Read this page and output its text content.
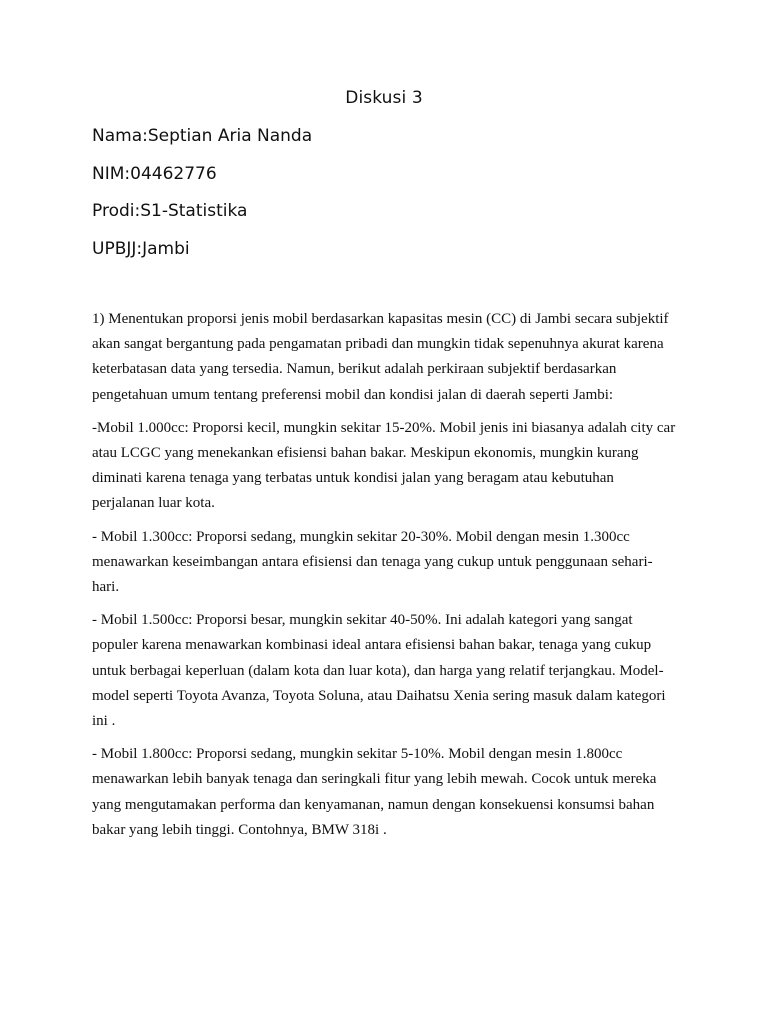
Diskusi 3
Nama:Septian Aria Nanda
NIM:04462776
Prodi:S1-Statistika
UPBJJ:Jambi

1) Menentukan proporsi jenis mobil berdasarkan kapasitas mesin (CC) di Jambi secara subjektif akan sangat bergantung pada pengamatan pribadi dan mungkin tidak sepenuhnya akurat karena keterbatasan data yang tersedia. Namun, berikut adalah perkiraan subjektif berdasarkan pengetahuan umum tentang preferensi mobil dan kondisi jalan di daerah seperti Jambi:

-Mobil 1.000cc: Proporsi kecil, mungkin sekitar 15-20%. Mobil jenis ini biasanya adalah city car atau LCGC yang menekankan efisiensi bahan bakar. Meskipun ekonomis, mungkin kurang diminati karena tenaga yang terbatas untuk kondisi jalan yang beragam atau kebutuhan perjalanan luar kota.

- Mobil 1.300cc: Proporsi sedang, mungkin sekitar 20-30%. Mobil dengan mesin 1.300cc menawarkan keseimbangan antara efisiensi dan tenaga yang cukup untuk penggunaan sehari-hari.

- Mobil 1.500cc: Proporsi besar, mungkin sekitar 40-50%. Ini adalah kategori yang sangat populer karena menawarkan kombinasi ideal antara efisiensi bahan bakar, tenaga yang cukup untuk berbagai keperluan (dalam kota dan luar kota), dan harga yang relatif terjangkau. Model-model seperti Toyota Avanza, Toyota Soluna, atau Daihatsu Xenia sering masuk dalam kategori ini .

- Mobil 1.800cc: Proporsi sedang, mungkin sekitar 5-10%. Mobil dengan mesin 1.800cc menawarkan lebih banyak tenaga dan seringkali fitur yang lebih mewah. Cocok untuk mereka yang mengutamakan performa dan kenyamanan, namun dengan konsekuensi konsumsi bahan bakar yang lebih tinggi. Contohnya, BMW 318i .
